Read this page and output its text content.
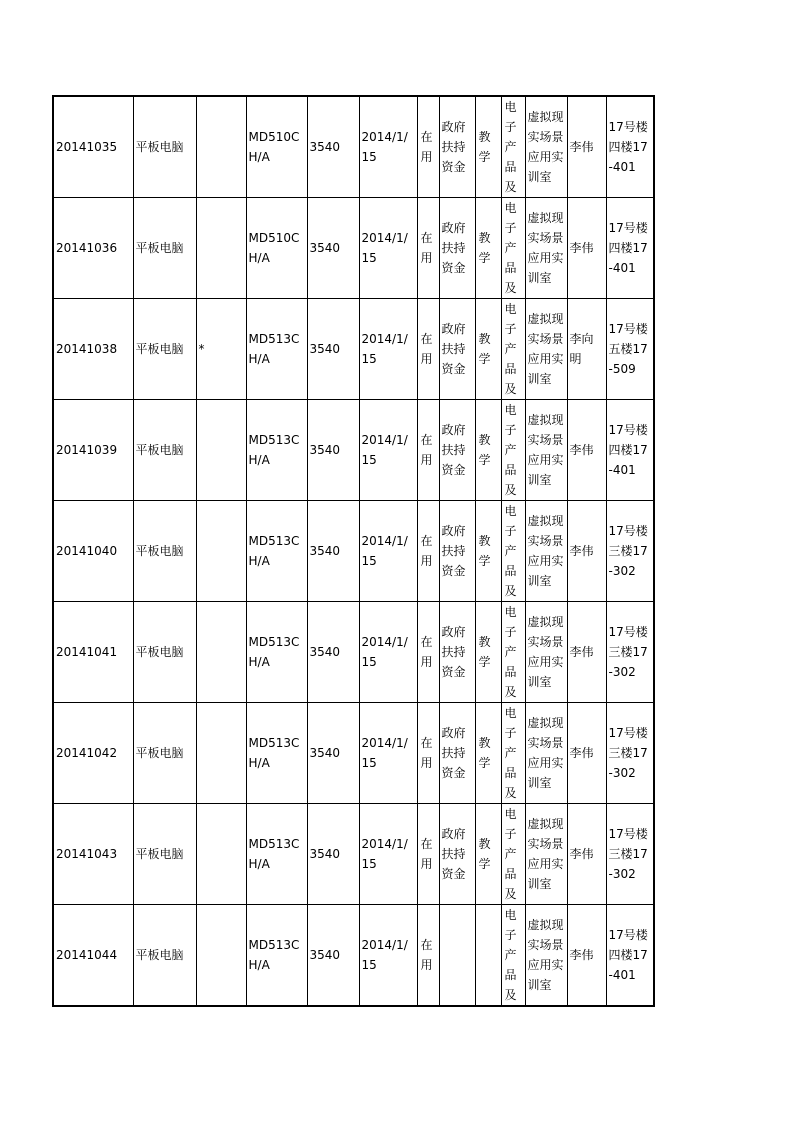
20141035	平板电脑		MD510CH/A	3540	2014/1/15	在用	政府扶持资金	教学	电子产品及	虚拟现实场景应用实训室	李伟	17号楼四楼17-401
20141036	平板电脑		MD510CH/A	3540	2014/1/15	在用	政府扶持资金	教学	电子产品及	虚拟现实场景应用实训室	李伟	17号楼四楼17-401
20141038	平板电脑	*	MD513CH/A	3540	2014/1/15	在用	政府扶持资金	教学	电子产品及	虚拟现实场景应用实训室	李向明	17号楼五楼17-509
20141039	平板电脑		MD513CH/A	3540	2014/1/15	在用	政府扶持资金	教学	电子产品及	虚拟现实场景应用实训室	李伟	17号楼四楼17-401
20141040	平板电脑		MD513CH/A	3540	2014/1/15	在用	政府扶持资金	教学	电子产品及	虚拟现实场景应用实训室	李伟	17号楼三楼17-302
20141041	平板电脑		MD513CH/A	3540	2014/1/15	在用	政府扶持资金	教学	电子产品及	虚拟现实场景应用实训室	李伟	17号楼三楼17-302
20141042	平板电脑		MD513CH/A	3540	2014/1/15	在用	政府扶持资金	教学	电子产品及	虚拟现实场景应用实训室	李伟	17号楼三楼17-302
20141043	平板电脑		MD513CH/A	3540	2014/1/15	在用	政府扶持资金	教学	电子产品及	虚拟现实场景应用实训室	李伟	17号楼三楼17-302
20141044	平板电脑		MD513CH/A	3540	2014/1/15	在用			电子产品及	虚拟现实场景应用实训室	李伟	17号楼四楼17-401
